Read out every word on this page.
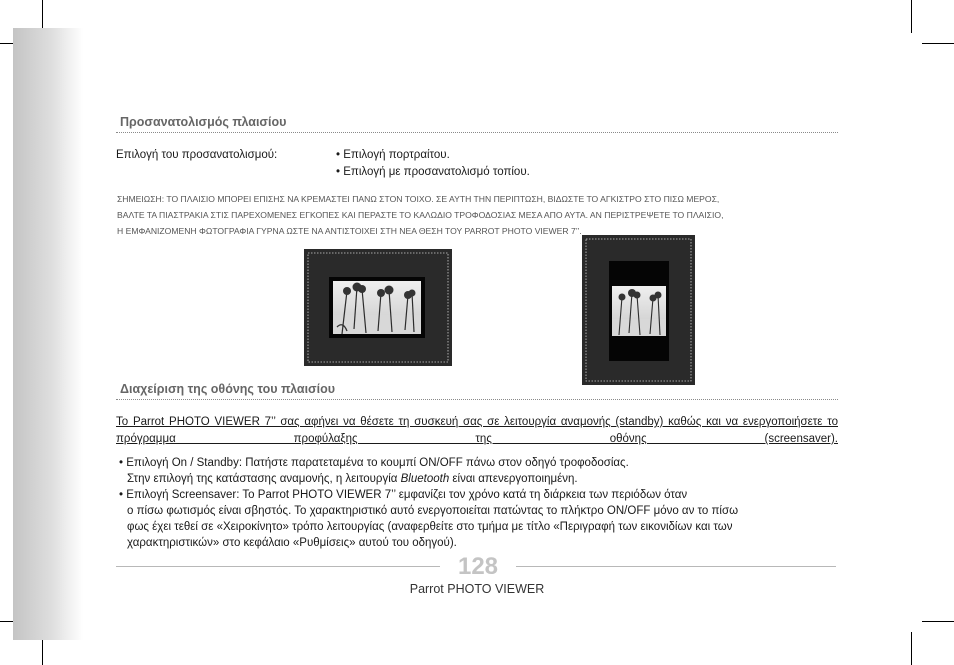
Προσανατολισμός πλαισίου
Επιλογή του προσανατολισμού:	• Επιλογή πορτραίτου.
• Επιλογή με προσανατολισμό τοπίου.
ΣΗΜΕΙΩΣΗ: ΤΟ ΠΛΑΙΣΙΟ ΜΠΟΡΕΙ ΕΠΙΣΗΣ ΝΑ ΚΡΕΜΑΣΤΕΙ ΠΑΝΩ ΣΤΟΝ ΤΟΙΧΟ. ΣΕ ΑΥΤΗ ΤΗΝ ΠΕΡΙΠΤΩΣΗ, ΒΙΔΩΣΤΕ ΤΟ ΑΓΚΙΣΤΡΟ ΣΤΟ ΠΙΣΩ ΜΕΡΟΣ,
ΒΑΛΤΕ ΤΑ ΠΙΑΣΤΡΑΚΙΑ ΣΤΙΣ ΠΑΡΕΧΟΜΕΝΕΣ ΕΓΚΟΠΕΣ ΚΑΙ ΠΕΡΑΣΤΕ ΤΟ ΚΑΛΩΔΙΟ ΤΡΟΦΟΔΟΣΙΑΣ ΜΕΣΑ ΑΠΟ ΑΥΤΑ. ΑΝ ΠΕΡΙΣΤΡΕΨΕΤΕ ΤΟ ΠΛΑΙΣΙΟ,
Η ΕΜΦΑΝΙΖΟΜΕΝΗ ΦΩΤΟΓΡΑΦΙΑ ΓΥΡΝΑ ΩΣΤΕ ΝΑ ΑΝΤΙΣΤΟΙΧΕΙ ΣΤΗ ΝΕΑ ΘΕΣΗ ΤΟΥ PARROT PHOTO VIEWER 7’’.
Διαχείριση της οθόνης του πλαισίου

Το Parrot PHOTO VIEWER 7’’ σας αφήνει να θέσετε τη συσκευή σας σε λειτουργία αναμονής (standby) καθώς και να ενεργοποιήσετε το πρόγραμμα προφύλαξης της οθόνης (screensaver).

• Επιλογή On / Standby: Πατήστε παρατεταμένα το κουμπί ON/OFF πάνω στον οδηγό τροφοδοσίας.
Στην επιλογή της κατάστασης αναμονής, η λειτουργία Bluetooth είναι απενεργοποιημένη.
• Επιλογή Screensaver: To Parrot PHOTO VIEWER 7’’ εμφανίζει τον χρόνο κατά τη διάρκεια των περιόδων όταν
ο πίσω φωτισμός είναι σβηστός. Το χαρακτηριστικό αυτό ενεργοποιείται πατώντας το πλήκτρο ON/OFF μόνο αν το πίσω
φως έχει τεθεί σε «Χειροκίνητο» τρόπο λειτουργίας (αναφερθείτε στο τμήμα με τίτλο «Περιγραφή των εικονιδίων και των
χαρακτηριστικών» στο κεφάλαιο «Ρυθμίσεις» αυτού του οδηγού).
128
Parrot PHOTO VIEWER
